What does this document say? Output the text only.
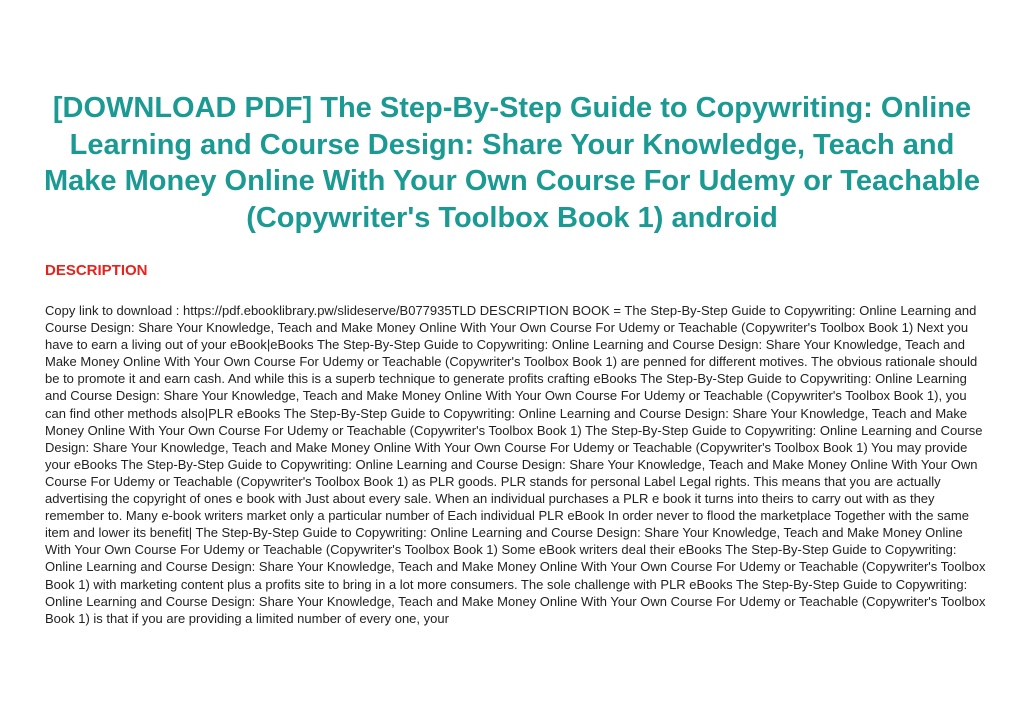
[DOWNLOAD PDF] The Step-By-Step Guide to Copywriting: Online Learning and Course Design: Share Your Knowledge, Teach and Make Money Online With Your Own Course For Udemy or Teachable (Copywriter's Toolbox Book 1) android
DESCRIPTION

Copy link to download : https://pdf.ebooklibrary.pw/slideserve/B077935TLD DESCRIPTION BOOK = The Step-By-Step Guide to Copywriting: Online Learning and Course Design: Share Your Knowledge, Teach and Make Money Online With Your Own Course For Udemy or Teachable (Copywriter's Toolbox Book 1) Next you have to earn a living out of your eBook|eBooks The Step-By-Step Guide to Copywriting: Online Learning and Course Design: Share Your Knowledge, Teach and Make Money Online With Your Own Course For Udemy or Teachable (Copywriter's Toolbox Book 1) are penned for different motives. The obvious rationale should be to promote it and earn cash. And while this is a superb technique to generate profits crafting eBooks The Step-By-Step Guide to Copywriting: Online Learning and Course Design: Share Your Knowledge, Teach and Make Money Online With Your Own Course For Udemy or Teachable (Copywriter's Toolbox Book 1), you can find other methods also|PLR eBooks The Step-By-Step Guide to Copywriting: Online Learning and Course Design: Share Your Knowledge, Teach and Make Money Online With Your Own Course For Udemy or Teachable (Copywriter's Toolbox Book 1) The Step-By-Step Guide to Copywriting: Online Learning and Course Design: Share Your Knowledge, Teach and Make Money Online With Your Own Course For Udemy or Teachable (Copywriter's Toolbox Book 1) You may provide your eBooks The Step-By-Step Guide to Copywriting: Online Learning and Course Design: Share Your Knowledge, Teach and Make Money Online With Your Own Course For Udemy or Teachable (Copywriter's Toolbox Book 1) as PLR goods. PLR stands for personal Label Legal rights. This means that you are actually advertising the copyright of ones e book with Just about every sale. When an individual purchases a PLR e book it turns into theirs to carry out with as they remember to. Many e-book writers market only a particular number of Each individual PLR eBook In order never to flood the marketplace Together with the same item and lower its benefit| The Step-By-Step Guide to Copywriting: Online Learning and Course Design: Share Your Knowledge, Teach and Make Money Online With Your Own Course For Udemy or Teachable (Copywriter's Toolbox Book 1) Some eBook writers deal their eBooks The Step-By-Step Guide to Copywriting: Online Learning and Course Design: Share Your Knowledge, Teach and Make Money Online With Your Own Course For Udemy or Teachable (Copywriter's Toolbox Book 1) with marketing content plus a profits site to bring in a lot more consumers. The sole challenge with PLR eBooks The Step-By-Step Guide to Copywriting: Online Learning and Course Design: Share Your Knowledge, Teach and Make Money Online With Your Own Course For Udemy or Teachable (Copywriter's Toolbox Book 1) is that if you are providing a limited number of every one, your
